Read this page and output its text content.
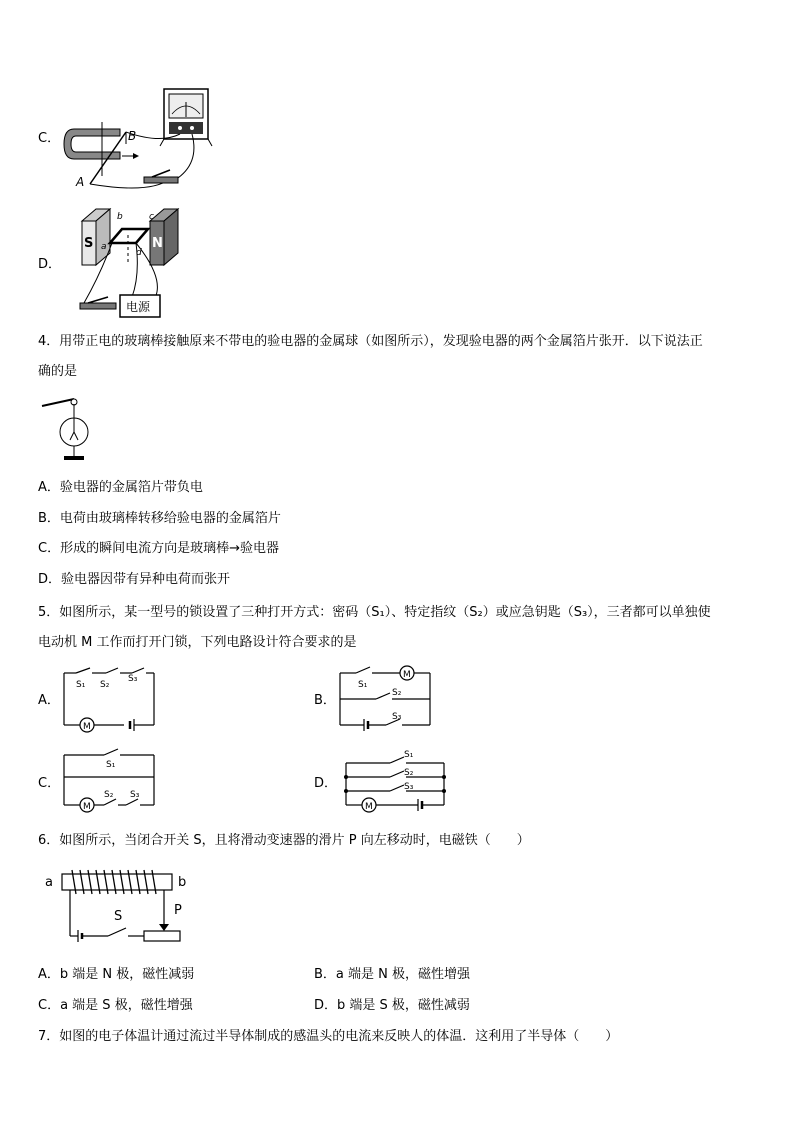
C．	B
A
D．
S	N
b	c
a
d
电源
4．用带正电的玻璃棒接触原来不带电的验电器的金属球（如图所示），发现验电器的两个金属箔片张开．以下说法正
确的是
A．验电器的金属箔片带负电
B．电荷由玻璃棒转移给验电器的金属箔片
C．形成的瞬间电流方向是玻璃棒→验电器
D．验电器因带有异种电荷而张开
5．如图所示，某一型号的锁设置了三种打开方式：密码（S₁）、特定指纹（S₂）或应急钥匙（S₃），三者都可以单独使
电动机 M 工作而打开门锁，下列电路设计符合要求的是
A．
M
S₁ S₂
S₃
B．
M
S₁
S₂
S₃
C．
M
S₁
S₂ S₃
D．
M
S₁
S₂
S₃
6．如图所示，当闭合开关 S，且将滑动变速器的滑片 P 向左移动时，电磁铁（　　）
a	b
S	P
A．b 端是 N 极，磁性减弱	B．a 端是 N 极，磁性增强
C．a 端是 S 极，磁性增强	D．b 端是 S 极，磁性减弱
7．如图的电子体温计通过流过半导体制成的感温头的电流来反映人的体温．这利用了半导体（　　）
